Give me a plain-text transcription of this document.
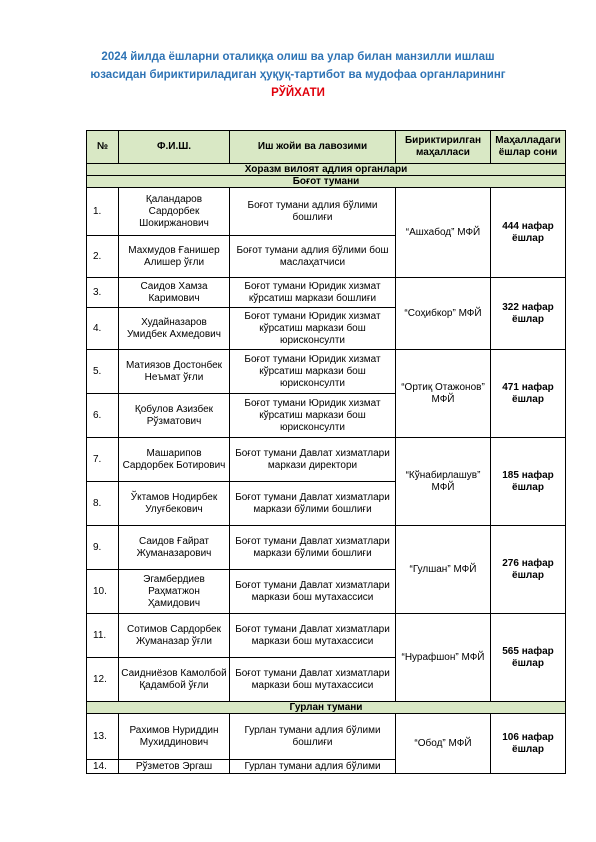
2024 йилда ёшларни оталиққа олиш ва улар билан манзилли ишлаш
юзасидан бириктириладиган ҳуқуқ-тартибот ва мудофаа органларининг
РЎЙХАТИ
№	Ф.И.Ш.	Иш жойи ва лавозими	Бириктирилган маҳалласи	Маҳалладаги ёшлар сони
Хоразм вилоят адлия органлари				
Боғот тумани				
1.	Қаландаров Сардорбек Шокиржанович	Боғот тумани адлия бўлими бошлиғи	“Ашхабод” МФЙ	444 нафар ёшлар
2.	Махмудов Ғанишер Алишер ўғли	Боғот тумани адлия бўлими бош маслаҳатчиси		
3.	Саидов Хамза Каримович	Боғот тумани Юридик хизмат кўрсатиш маркази бошлиғи	“Соҳибкор” МФЙ	322 нафар ёшлар
4.	Худайназаров Умидбек Ахмедович	Боғот тумани Юридик хизмат кўрсатиш маркази бош юрисконсулти		
5.	Матиязов Достонбек Неъмат ўғли	Боғот тумани Юридик хизмат кўрсатиш маркази бош юрисконсулти	“Ортиқ Отажонов” МФЙ	471 нафар ёшлар
6.	Қобулов Азизбек Рўзматович	Боғот тумани Юридик хизмат кўрсатиш маркази бош юрисконсулти		
7.	Машарипов Сардорбек Ботирович	Боғот тумани Давлат хизматлари маркази директори	“Кўнабирлашув” МФЙ	185 нафар ёшлар
8.	Ўктамов Нодирбек Улуғбекович	Боғот тумани Давлат хизматлари маркази бўлими бошлиғи		
9.	Саидов Ғайрат Жуманазарович	Боғот тумани Давлат хизматлари маркази бўлими бошлиғи	“Гулшан” МФЙ	276 нафар ёшлар
10.	Эгамбердиев Раҳматжон Ҳамидович	Боғот тумани Давлат хизматлари маркази бош мутахассиси		
11.	Сотимов Сардорбек Жуманазар ўғли	Боғот тумани Давлат хизматлари маркази бош мутахассиси	“Нурафшон” МФЙ	565 нафар ёшлар
12.	Саидниёзов Камолбой Қадамбой ўғли	Боғот тумани Давлат хизматлари маркази бош мутахассиси		
Гурлан тумани				
13.	Рахимов Нуриддин Мухиддинович	Гурлан тумани адлия бўлими бошлиғи	“Обод” МФЙ	106 нафар ёшлар
14.	Рўзметов Эргаш	Гурлан тумани адлия бўлими		
